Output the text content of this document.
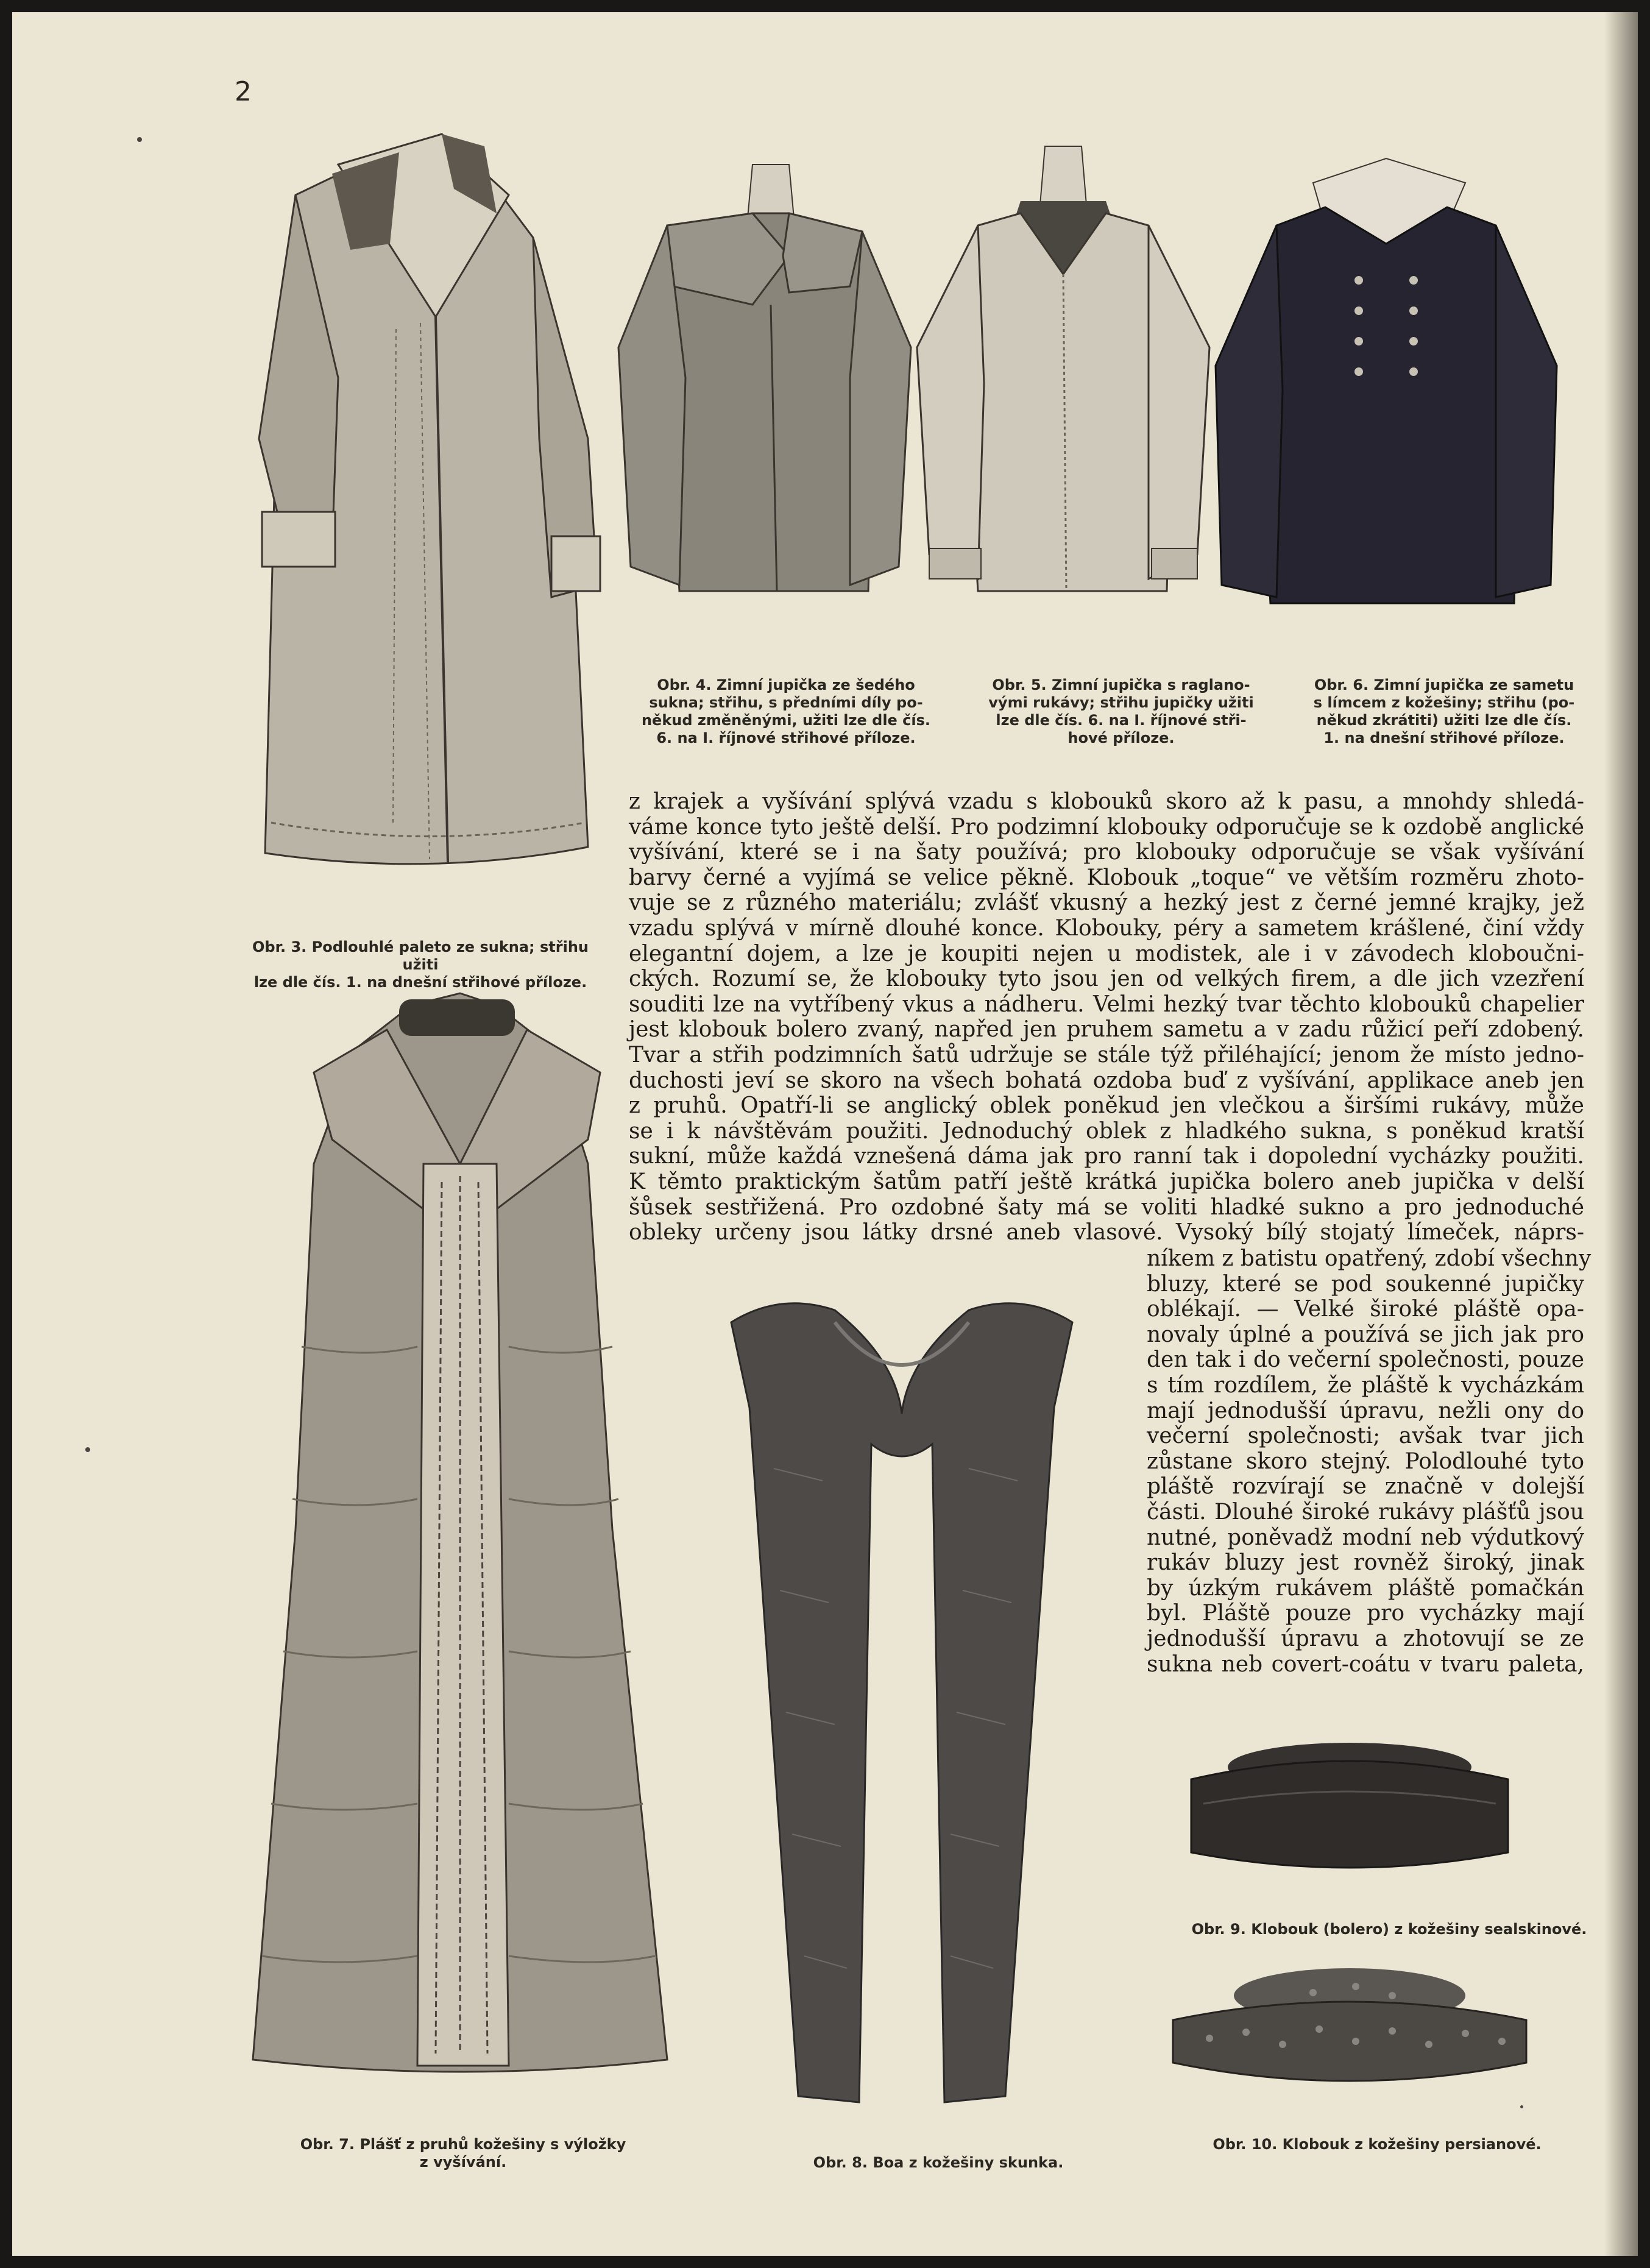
2
Obr. 3. Podlouhlé paleto ze sukna; střihu užiti
lze dle čís. 1. na dnešní střihové příloze.
Obr. 4. Zimní jupička ze šedého
sukna; střihu, s předními díly po-
někud změněnými, užiti lze dle čís.
6. na I. říjnové střihové příloze.
Obr. 5. Zimní jupička s raglano-
vými rukávy; střihu jupičky užiti
lze dle čís. 6. na I. říjnové stři-
hové příloze.
Obr. 6. Zimní jupička ze sametu
s límcem z kožešiny; střihu (po-
někud zkrátiti) užiti lze dle čís.
1. na dnešní střihové příloze.
z krajek a vyšívání splývá vzadu s klobouků skoro až k pasu, a mnohdy shledá-
váme konce tyto ještě delší. Pro podzimní klobouky odporučuje se k ozdobě anglické
vyšívání, které se i na šaty používá; pro klobouky odporučuje se však vyšívání
barvy černé a vyjímá se velice pěkně. Klobouk „toque“ ve větším rozměru zhoto-
vuje se z různého materiálu; zvlášť vkusný a hezký jest z černé jemné krajky, jež
vzadu splývá v mírně dlouhé konce. Klobouky, péry a sametem krášlené, činí vždy
elegantní dojem, a lze je koupiti nejen u modistek, ale i v závodech kloboučni-
ckých. Rozumí se, že klobouky tyto jsou jen od velkých firem, a dle jich vzezření
souditi lze na vytříbený vkus a nádheru. Velmi hezký tvar těchto klobouků chapelier
jest klobouk bolero zvaný, napřed jen pruhem sametu a v zadu růžicí peří zdobený.
Tvar a střih podzimních šatů udržuje se stále týž přiléhající; jenom že místo jedno-
duchosti jeví se skoro na všech bohatá ozdoba buď z vyšívání, applikace aneb jen
z pruhů. Opatří-li se anglický oblek poněkud jen vlečkou a širšími rukávy, může
se i k návštěvám použiti. Jednoduchý oblek z hladkého sukna, s poněkud kratší
sukní, může každá vznešená dáma jak pro ranní tak i dopolední vycházky použiti.
K těmto praktickým šatům patří ještě krátká jupička bolero aneb jupička v delší
šůsek sestřižená. Pro ozdobné šaty má se voliti hladké sukno a pro jednoduché
obleky určeny jsou látky drsné aneb vlasové. Vysoký bílý stojatý límeček, náprs-
níkem z batistu opatřený, zdobí všechny
bluzy, které se pod soukenné jupičky
oblékají. — Velké široké pláště opa-
novaly úplné a používá se jich jak pro
den tak i do večerní společnosti, pouze
s tím rozdílem, že pláště k vycházkám
mají jednodušší úpravu, nežli ony do
večerní společnosti; avšak tvar jich
zůstane skoro stejný. Polodlouhé tyto
pláště rozvírají se značně v dolejší
části. Dlouhé široké rukávy plášťů jsou
nutné, poněvadž modní neb výdutkový
rukáv bluzy jest rovněž široký, jinak
by úzkým rukávem pláště pomačkán
byl. Pláště pouze pro vycházky mají
jednodušší úpravu a zhotovují se ze
sukna neb covert-coátu v tvaru paleta,
Obr. 7. Plášť z pruhů kožešiny s výložky
z vyšívání.	Obr. 8. Boa z kožešiny skunka.
Obr. 9. Klobouk (bolero) z kožešiny sealskinové.
Obr. 10. Klobouk z kožešiny persianové.
